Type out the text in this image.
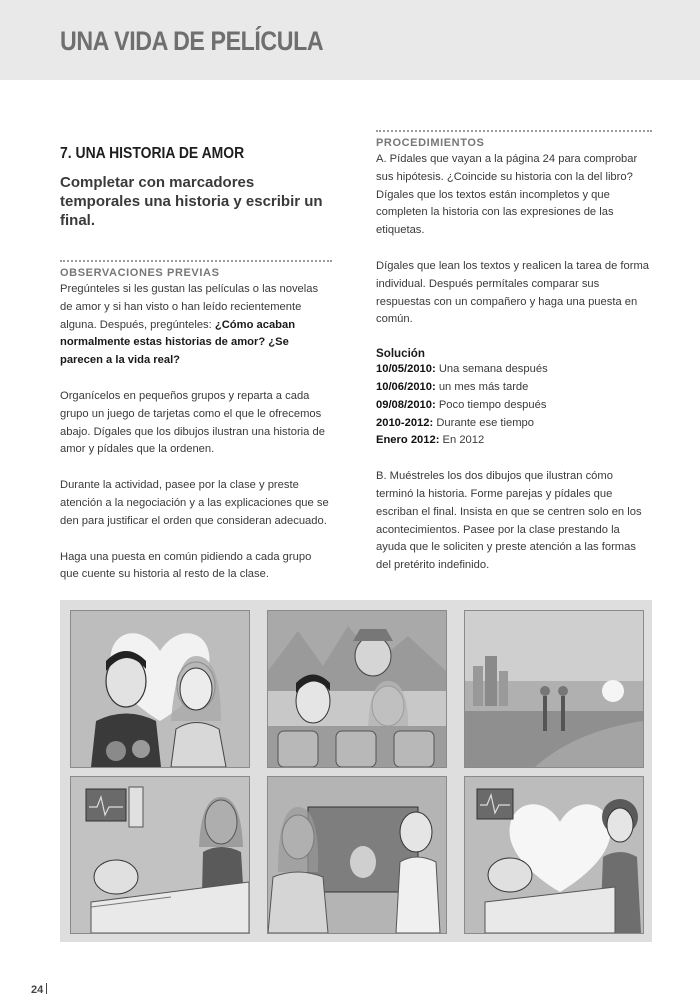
UNA VIDA DE PELÍCULA
7. UNA HISTORIA DE AMOR
Completar con marcadores temporales una historia y escribir un final.
OBSERVACIONES PREVIAS

Pregúnteles si les gustan las películas o las novelas de amor y si han visto o han leído recientemente alguna. Después, pregúnteles: ¿Cómo acaban normalmente estas historias de amor? ¿Se parecen a la vida real?

Organícelos en pequeños grupos y reparta a cada grupo un juego de tarjetas como el que le ofrecemos abajo. Dígales que los dibujos ilustran una historia de amor y pídales que la ordenen.

Durante la actividad, pasee por la clase y preste atención a la negociación y a las explicaciones que se den para justificar el orden que consideran adecuado.

Haga una puesta en común pidiendo a cada grupo que cuente su historia al resto de la clase.

PROCEDIMIENTOS

A. Pídales que vayan a la página 24 para comprobar sus hipótesis. ¿Coincide su historia con la del libro? Dígales que los textos están incompletos y que completen la historia con las expresiones de las etiquetas.

Dígales que lean los textos y realicen la tarea de forma individual. Después permítales comparar sus respuestas con un compañero y haga una puesta en común.

Solución

10/05/2010: Una semana después

10/06/2010: un mes más tarde

09/08/2010: Poco tiempo después

2010-2012: Durante ese tiempo

Enero 2012: En 2012

B. Muéstreles los dos dibujos que ilustran cómo terminó la historia. Forme parejas y pídales que escriban el final. Insista en que se centren solo en los acontecimientos. Pasee por la clase prestando la ayuda que le soliciten y preste atención a las formas del pretérito indefinido.

24
